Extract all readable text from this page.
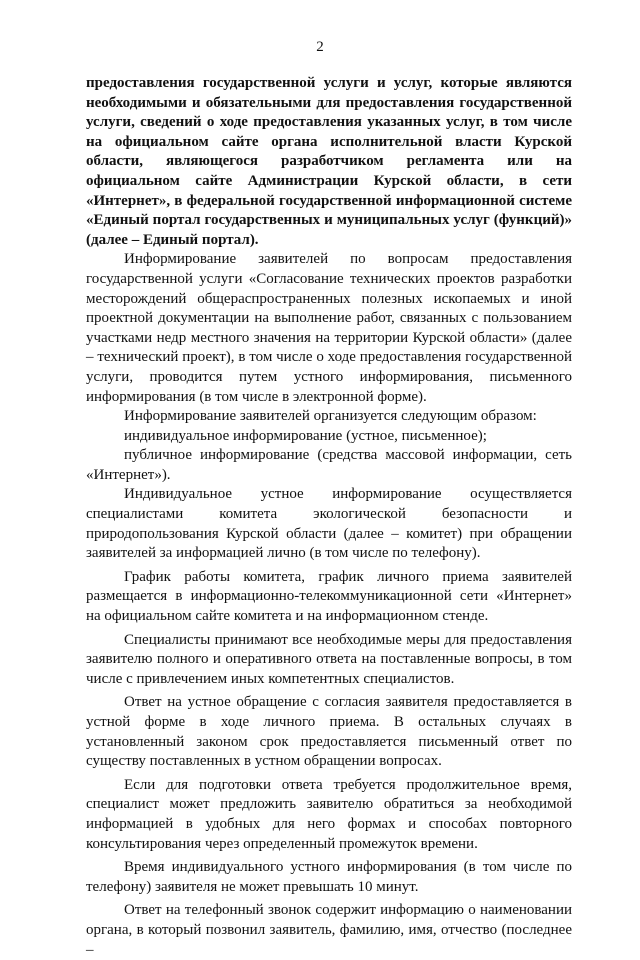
2

предоставления государственной услуги и услуг, которые являются необходимыми и обязательными для предоставления государственной услуги, сведений о ходе предоставления указанных услуг, в том числе на официальном сайте органа исполнительной власти Курской области, являющегося разработчиком регламента или на официальном сайте Администрации Курской области, в сети «Интернет», в федеральной государственной информационной системе «Единый портал государственных и муниципальных услуг (функций)» (далее – Единый портал).

Информирование заявителей по вопросам предоставления государственной услуги «Согласование технических проектов разработки месторождений общераспространенных полезных ископаемых и иной проектной документации на выполнение работ, связанных с пользованием участками недр местного значения на территории Курской области» (далее – технический проект), в том числе о ходе предоставления государственной услуги, проводится путем устного информирования, письменного информирования (в том числе в электронной форме).

Информирование заявителей организуется следующим образом:

индивидуальное информирование (устное, письменное);

публичное информирование (средства массовой информации, сеть «Интернет»).

Индивидуальное устное информирование осуществляется специалистами комитета экологической безопасности и природопользования Курской области (далее – комитет) при обращении заявителей за информацией лично (в том числе по телефону).

График работы комитета, график личного приема заявителей размещается в информационно-телекоммуникационной сети «Интернет» на официальном сайте комитета и на информационном стенде.

Специалисты принимают все необходимые меры для предоставления заявителю полного и оперативного ответа на поставленные вопросы, в том числе с привлечением иных компетентных специалистов.

Ответ на устное обращение с согласия заявителя предоставляется в устной форме в ходе личного приема. В остальных случаях в установленный законом срок предоставляется письменный ответ по существу поставленных в устном обращении вопросах.

Если для подготовки ответа требуется продолжительное время, специалист может предложить заявителю обратиться за необходимой информацией в удобных для него формах и способах повторного консультирования через определенный промежуток времени.

Время индивидуального устного информирования (в том числе по телефону) заявителя не может превышать 10 минут.

Ответ на телефонный звонок содержит информацию о наименовании органа, в который позвонил заявитель, фамилию, имя, отчество (последнее –
